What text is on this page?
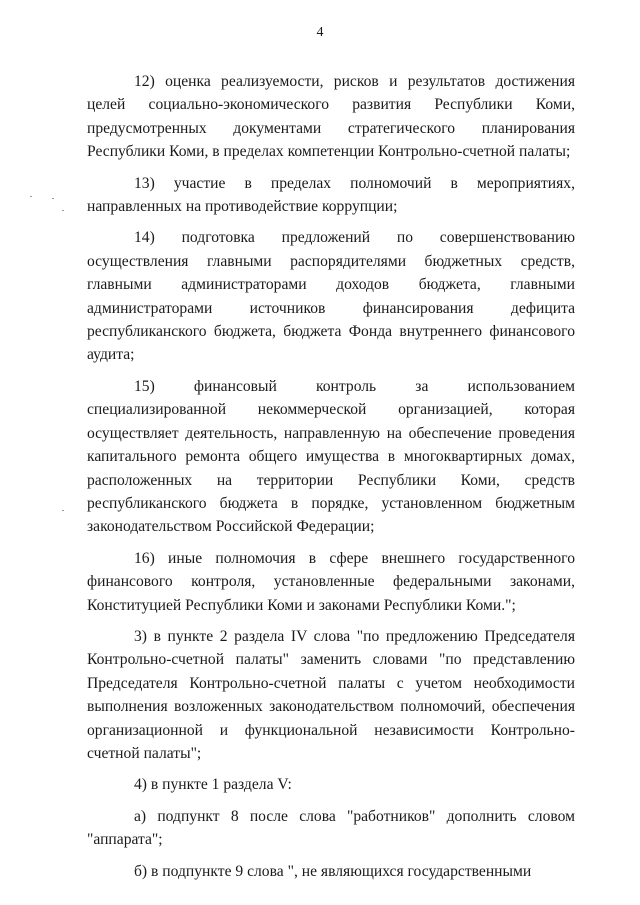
4

12) оценка реализуемости, рисков и результатов достижения целей социально-экономического развития Республики Коми, предусмотренных документами стратегического планирования Республики Коми, в пределах компетенции Контрольно-счетной палаты;

13) участие в пределах полномочий в мероприятиях, направленных на противодействие коррупции;

14) подготовка предложений по совершенствованию осуществления главными распорядителями бюджетных средств, главными администраторами доходов бюджета, главными администраторами источников финансирования дефицита республиканского бюджета, бюджета Фонда внутреннего финансового аудита;

15) финансовый контроль за использованием специализированной некоммерческой организацией, которая осуществляет деятельность, направленную на обеспечение проведения капитального ремонта общего имущества в многоквартирных домах, расположенных на территории Республики Коми, средств республиканского бюджета в порядке, установленном бюджетным законодательством Российской Федерации;

16) иные полномочия в сфере внешнего государственного финансового контроля, установленные федеральными законами, Конституцией Республики Коми и законами Республики Коми.";

3) в пункте 2 раздела IV слова "по предложению Председателя Контрольно-счетной палаты" заменить словами "по представлению Председателя Контрольно-счетной палаты с учетом необходимости выполнения возложенных законодательством полномочий, обеспечения организационной и функциональной независимости Контрольно-счетной палаты";

4) в пункте 1 раздела V:

а) подпункт 8 после слова "работников" дополнить словом "аппарата";

б) в подпункте 9 слова ", не являющихся государственными
